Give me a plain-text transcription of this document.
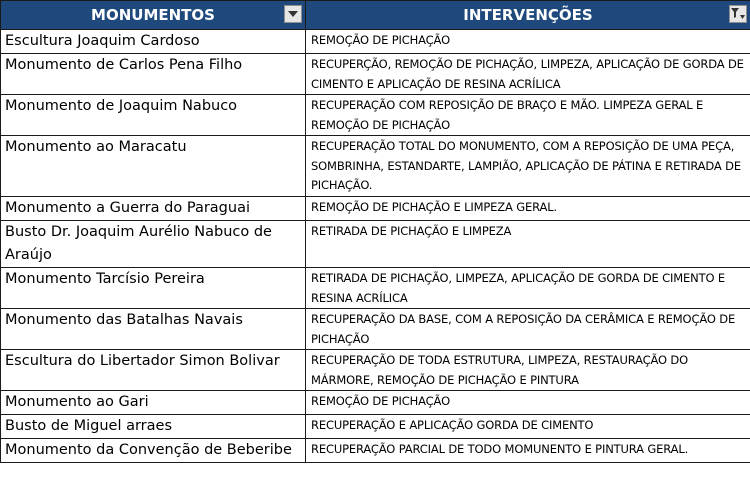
MONUMENTOS	INTERVENÇÕES

Escultura Joaquim Cardoso	REMOÇÃO DE PICHAÇÃO
Monumento de Carlos Pena Filho	RECUPERÇÃO, REMOÇÃO DE PICHAÇÃO, LIMPEZA, APLICAÇÃO DE GORDA DE CIMENTO E APLICAÇÃO DE RESINA ACRÍLICA
Monumento de Joaquim Nabuco	RECUPERAÇÃO COM REPOSIÇÃO DE BRAÇO E MÃO. LIMPEZA GERAL E REMOÇÃO DE PICHAÇÃO
Monumento ao Maracatu	RECUPERAÇÃO TOTAL DO MONUMENTO, COM A REPOSIÇÃO DE UMA PEÇA, SOMBRINHA, ESTANDARTE, LAMPIÃO, APLICAÇÃO DE PÁTINA E RETIRADA DE PICHAÇÃO.
Monumento a Guerra do Paraguai	REMOÇÃO DE PICHAÇÃO E LIMPEZA GERAL.
Busto Dr. Joaquim Aurélio Nabuco de Araújo	RETIRADA DE PICHAÇÃO E LIMPEZA
Monumento Tarcísio Pereira	RETIRADA DE PICHAÇÃO, LIMPEZA, APLICAÇÃO DE GORDA DE CIMENTO E RESINA ACRÍLICA
Monumento das Batalhas Navais	RECUPERAÇÃO DA BASE, COM A REPOSIÇÃO DA CERÂMICA E REMOÇÃO DE PICHAÇÃO
Escultura do Libertador Simon Bolivar	RECUPERAÇÃO DE TODA ESTRUTURA, LIMPEZA, RESTAURAÇÃO DO MÁRMORE, REMOÇÃO DE PICHAÇÃO E PINTURA
Monumento ao Gari	REMOÇÃO DE PICHAÇÃO
Busto de Miguel arraes	RECUPERAÇÃO E APLICAÇÃO GORDA DE CIMENTO
Monumento da Convenção de Beberibe	RECUPERAÇÃO PARCIAL DE TODO MOMUNENTO E PINTURA GERAL.
